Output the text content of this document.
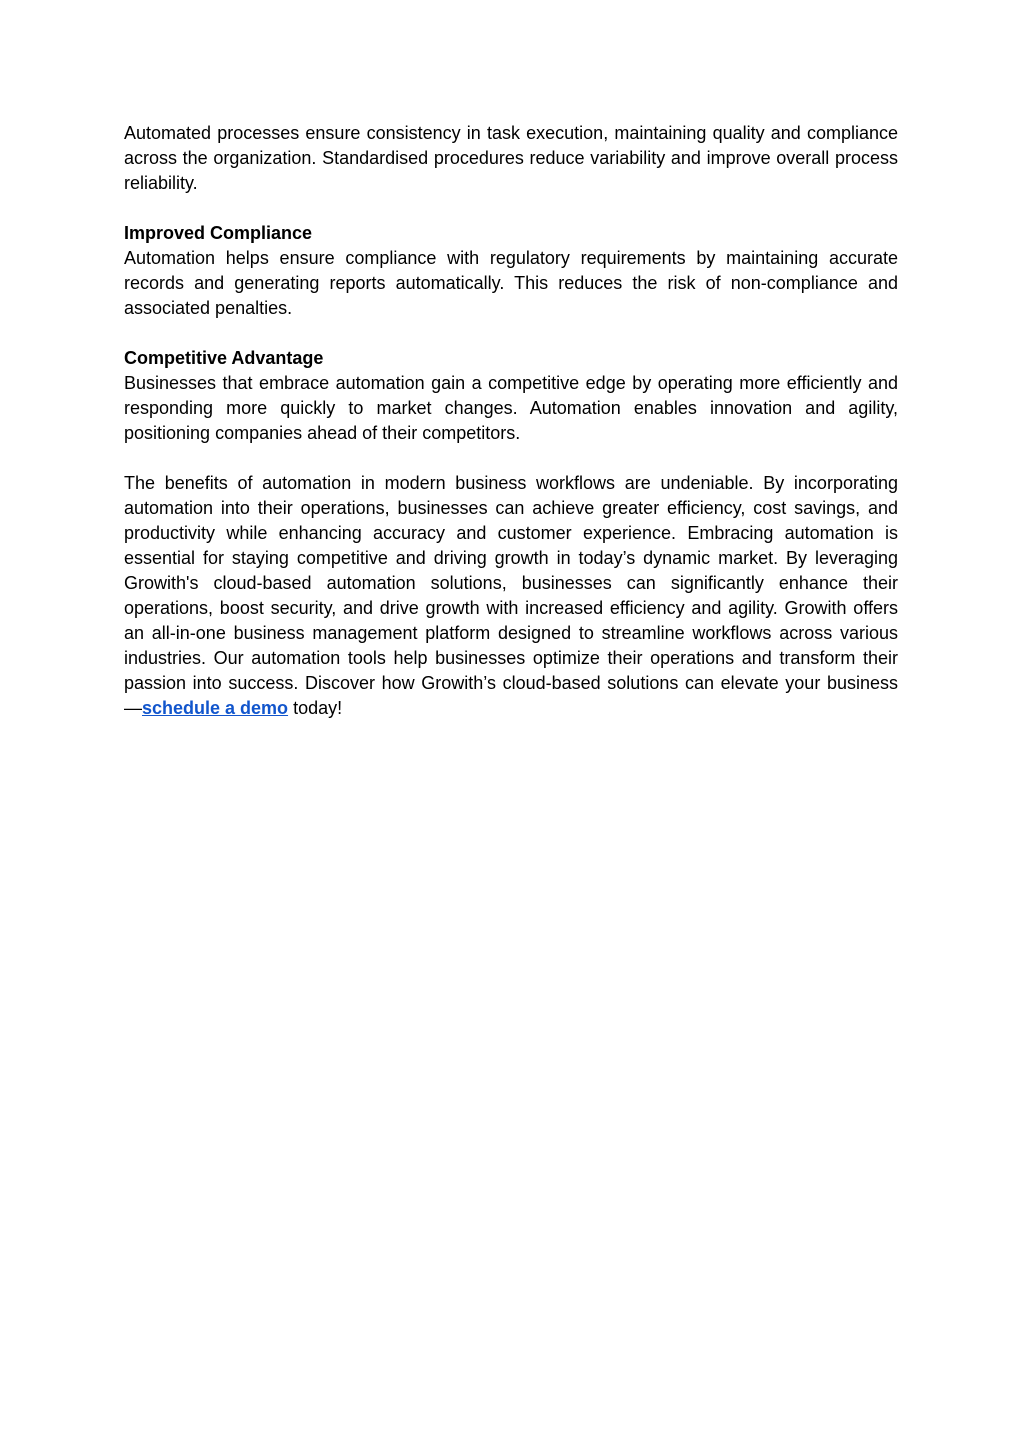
Automated processes ensure consistency in task execution, maintaining quality and compliance across the organization. Standardised procedures reduce variability and improve overall process reliability.

Improved Compliance

Automation helps ensure compliance with regulatory requirements by maintaining accurate records and generating reports automatically. This reduces the risk of non-compliance and associated penalties.

Competitive Advantage

Businesses that embrace automation gain a competitive edge by operating more efficiently and responding more quickly to market changes. Automation enables innovation and agility, positioning companies ahead of their competitors.

The benefits of automation in modern business workflows are undeniable. By incorporating automation into their operations, businesses can achieve greater efficiency, cost savings, and productivity while enhancing accuracy and customer experience. Embracing automation is essential for staying competitive and driving growth in today’s dynamic market. By leveraging Growith's cloud-based automation solutions, businesses can significantly enhance their operations, boost security, and drive growth with increased efficiency and agility. Growith offers an all-in-one business management platform designed to streamline workflows across various industries. Our automation tools help businesses optimize their operations and transform their passion into success. Discover how Growith’s cloud-based solutions can elevate your business—schedule a demo today!
